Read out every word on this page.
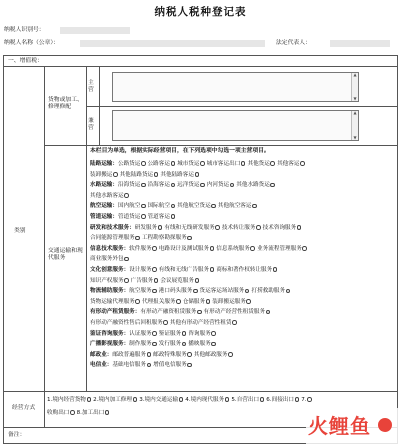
纳税人税种登记表
纳税人识别号：
纳税人名称（公章）：	法定代表人：
一、增值税：
类别
货物或加工、修理修配
主营
兼营
交通运输和现代服务
▲
▼
▲
▼
本栏目为单选，根据实际经营项目，在下列选项中勾选一项主营项目。
陆路运输：公路货运 公路客运 城市货运 城市客运出口 其他货运 其他客运
装卸搬运 其他陆路货运 其他陆路客运
水路运输：沿海货运 沿海客运 远洋货运 内河货运 其他水路货运
其他水路客运
航空运输：国内航空 国际航空 其他航空货运 其他航空客运
管道运输：管道货运 管道客运
研发和技术服务：研发服务 有线和无线研发服务 技术转让服务 技术咨询服务
合同能源管理服务 工程勘察勘探服务
信息技术服务：软件服务 电路设计及测试服务 信息系统服务 业务流程管理服务
商业服务外包
文化创意服务：设计服务 有线和无线广告服务 商标和著作权转让服务
知识产权服务 广告服务 会议展览服务
物流辅助服务：航空服务 港口码头服务 货运客运场站服务 打捞救助服务
货物运输代理服务 代理报关服务 仓储服务 装卸搬运服务
有形动产租赁服务：有形动产融资租赁服务 有形动产经营性租赁服务
有形动产融资性售后回租服务 其他有形动产经营性租赁
鉴证咨询服务：认证服务 鉴证服务 咨询服务
广播影视服务：制作服务 发行服务 播映服务
邮政业：邮政普遍服务 邮政特殊服务 其他邮政服务
电信业：基础电信服务 增值电信服务
经营方式
1.境内经营货物 2.境内加工修理 3.境内交通运输 4.境内现代服务 5.自营出口 6.间接出口 7.
收购出口 8.加工出口
备注：	火鲤鱼
